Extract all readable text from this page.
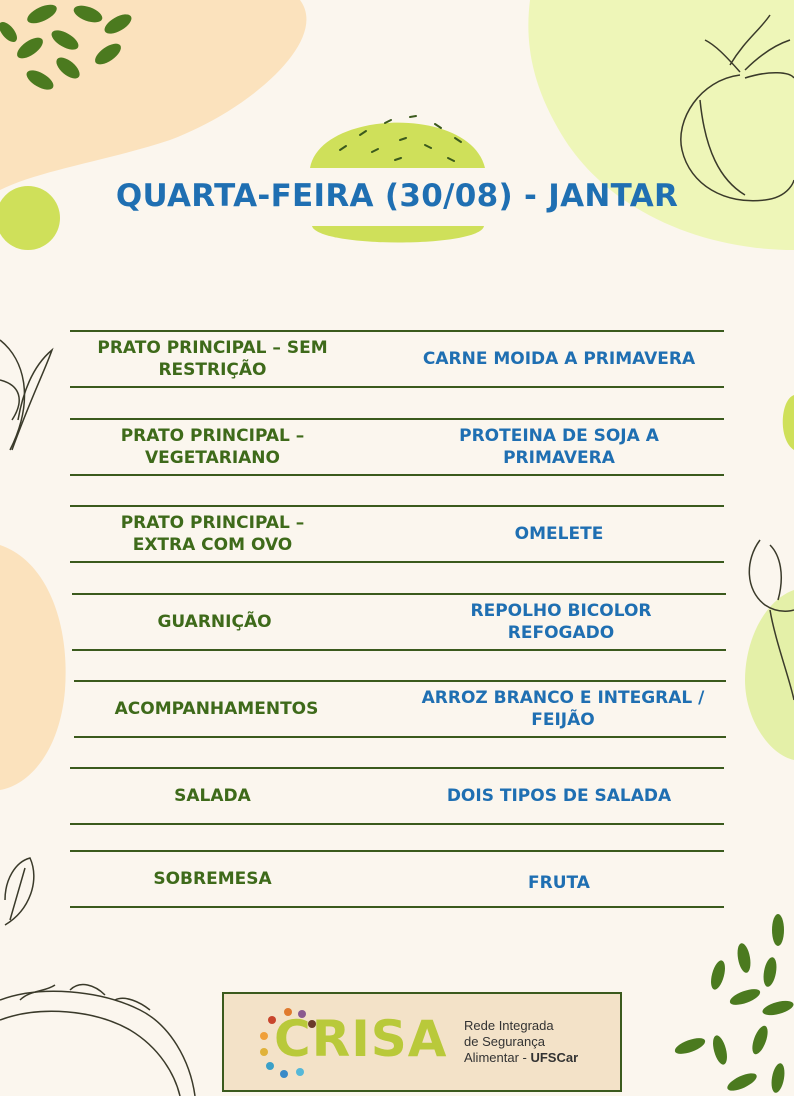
QUARTA-FEIRA (30/08) - JANTAR
PRATO PRINCIPAL – SEM
RESTRIÇÃO
CARNE MOIDA A PRIMAVERA

PRATO PRINCIPAL –
VEGETARIANO
PROTEINA DE SOJA A
PRIMAVERA
PRATO PRINCIPAL –
EXTRA COM OVO
OMELETE

GUARNIÇÃO
REPOLHO BICOLOR
REFOGADO
ACOMPANHAMENTOS
ARROZ BRANCO E INTEGRAL /
FEIJÃO
SALADA	DOIS TIPOS DE SALADA
SOBREMESA	FRUTA
CRISA Rede Integrada
de Segurança
Alimentar - UFSCar
